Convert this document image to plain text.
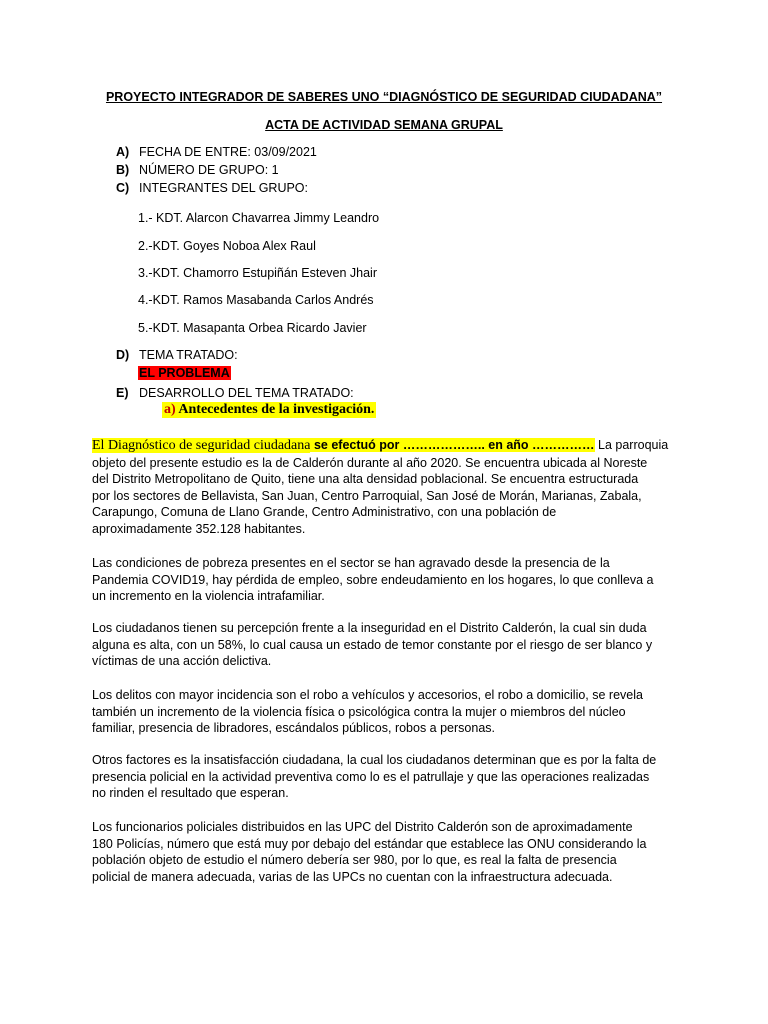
PROYECTO INTEGRADOR DE SABERES UNO “DIAGNÓSTICO DE SEGURIDAD CIUDADANA”
ACTA DE ACTIVIDAD SEMANA GRUPAL
A) FECHA DE ENTRE: 03/09/2021
B) NÚMERO DE GRUPO: 1
C) INTEGRANTES DEL GRUPO:
1.- KDT. Alarcon Chavarrea Jimmy Leandro
2.-KDT. Goyes Noboa Alex Raul
3.-KDT. Chamorro Estupiñán Esteven Jhair
4.-KDT. Ramos Masabanda Carlos Andrés
5.-KDT. Masapanta Orbea Ricardo Javier
D) TEMA TRATADO:
EL PROBLEMA
E) DESARROLLO DEL TEMA TRATADO:
a) Antecedentes de la investigación.

El Diagnóstico de seguridad ciudadana se efectuó por ……………….. en año …………… La parroquia

objeto del presente estudio es la de Calderón durante al año 2020. Se encuentra ubicada al Noreste

del Distrito Metropolitano de Quito, tiene una alta densidad poblacional. Se encuentra estructurada

por los sectores de Bellavista, San Juan, Centro Parroquial, San José de Morán, Marianas, Zabala,

Carapungo, Comuna de Llano Grande, Centro Administrativo, con una población de

aproximadamente 352.128 habitantes.

Las condiciones de pobreza presentes en el sector se han agravado desde la presencia de la

Pandemia COVID19, hay pérdida de empleo, sobre endeudamiento en los hogares, lo que conlleva a

un incremento en la violencia intrafamiliar.

Los ciudadanos tienen su percepción frente a la inseguridad en el Distrito Calderón, la cual sin duda

alguna es alta, con un 58%, lo cual causa un estado de temor constante por el riesgo de ser blanco y

víctimas de una acción delictiva.

Los delitos con mayor incidencia son el robo a vehículos y accesorios, el robo a domicilio, se revela

también un incremento de la violencia física o psicológica contra la mujer o miembros del núcleo

familiar, presencia de libradores, escándalos públicos, robos a personas.

Otros factores es la insatisfacción ciudadana, la cual los ciudadanos determinan que es por la falta de

presencia policial en la actividad preventiva como lo es el patrullaje y que las operaciones realizadas

no rinden el resultado que esperan.

Los funcionarios policiales distribuidos en las UPC del Distrito Calderón son de aproximadamente

180 Policías, número que está muy por debajo del estándar que establece las ONU considerando la

población objeto de estudio el número debería ser 980, por lo que, es real la falta de presencia

policial de manera adecuada, varias de las UPCs no cuentan con la infraestructura adecuada.
